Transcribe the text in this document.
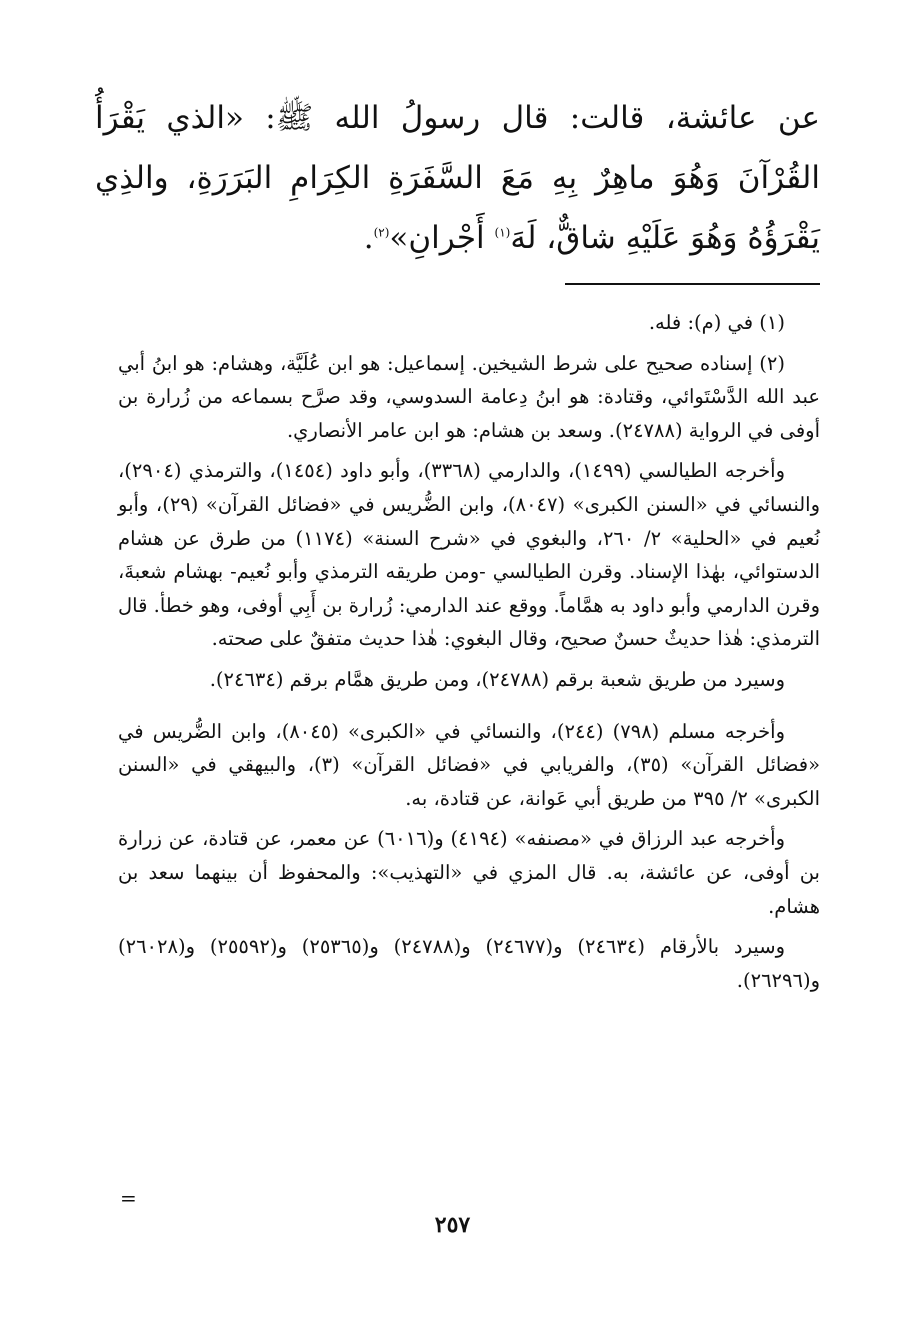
عن عائشة، قالت: قال رسولُ الله ﷺ: «الذي يَقْرَأُ القُرْآنَ وَهُوَ ماهِرٌ بِهِ مَعَ السَّفَرَةِ الكِرَامِ البَرَرَةِ، والذِي يَقْرَؤُهُ وَهُوَ عَلَيْهِ شاقٌّ، لَهَ$^{(١)}$ أَجْرانِ»$^{(٢)}$.

(١) في (م): فله.

(٢) إسناده صحيح على شرط الشيخين. إسماعيل: هو ابن عُلَيَّة، وهشام: هو ابنُ أبي عبد الله الدَّسْتَوائي، وقتادة: هو ابنُ دِعامة السدوسي، وقد صرَّح بسماعه من زُرارة بن أوفى في الرواية (٢٤٧٨٨). وسعد بن هشام: هو ابن عامر الأنصاري.

وأخرجه الطيالسي (١٤٩٩)، والدارمي (٣٣٦٨)، وأبو داود (١٤٥٤)، والترمذي (٢٩٠٤)، والنسائي في «السنن الكبرى» (٨٠٤٧)، وابن الضُّريس في «فضائل القرآن» (٢٩)، وأبو نُعيم في «الحلية» ٢/ ٢٦٠، والبغوي في «شرح السنة» (١١٧٤) من طرق عن هشام الدستوائي، بهٰذا الإسناد. وقرن الطيالسي -ومن طريقه الترمذي وأبو نُعيم- بهشام شعبةَ، وقرن الدارمي وأبو داود به همَّاماً. ووقع عند الدارمي: زُرارة بن أَبِي أوفى، وهو خطأ. قال الترمذي: هٰذا حديثٌ حسنٌ صحيح، وقال البغوي: هٰذا حديث متفقٌ على صحته.

وسيرد من طريق شعبة برقم (٢٤٧٨٨)، ومن طريق همَّام برقم (٢٤٦٣٤).

وأخرجه مسلم (٧٩٨) (٢٤٤)، والنسائي في «الكبرى» (٨٠٤٥)، وابن الضُّريس في «فضائل القرآن» (٣٥)، والفريابي في «فضائل القرآن» (٣)، والبيهقي في «السنن الكبرى» ٢/ ٣٩٥ من طريق أبي عَوانة، عن قتادة، به.

وأخرجه عبد الرزاق في «مصنفه» (٤١٩٤) و(٦٠١٦) عن معمر، عن قتادة، عن زرارة بن أوفى، عن عائشة، به. قال المزي في «التهذيب»: والمحفوظ أن بينهما سعد بن هشام.

وسيرد بالأرقام (٢٤٦٣٤) و(٢٤٦٧٧) و(٢٤٧٨٨) و(٢٥٣٦٥) و(٢٥٥٩٢) و(٢٦٠٢٨) و(٢٦٢٩٦).

=
٢٥٧
